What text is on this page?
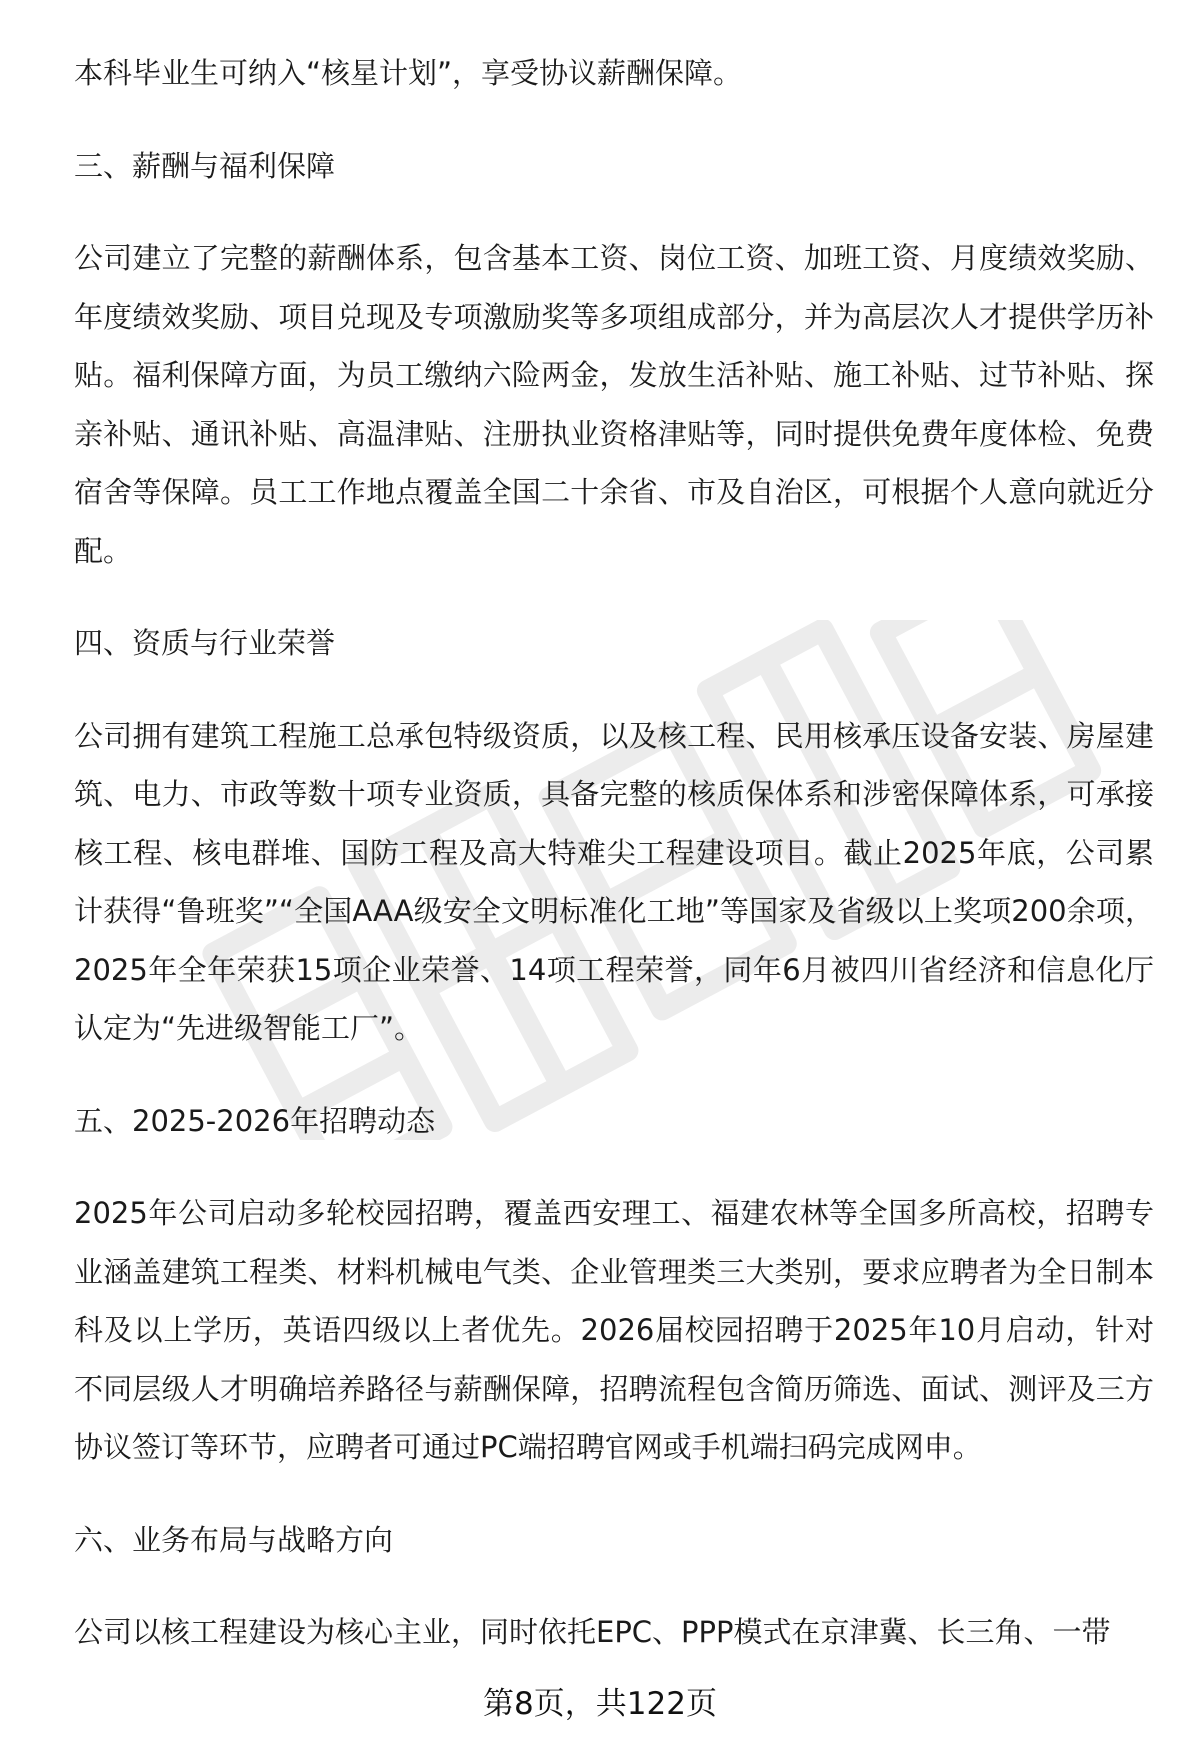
本科毕业生可纳入“核星计划”，享受协议薪酬保障。

三、薪酬与福利保障

公司建立了完整的薪酬体系，包含基本工资、岗位工资、加班工资、月度绩效奖励、年度绩效奖励、项目兑现及专项激励奖等多项组成部分，并为高层次人才提供学历补贴。福利保障方面，为员工缴纳六险两金，发放生活补贴、施工补贴、过节补贴、探亲补贴、通讯补贴、高温津贴、注册执业资格津贴等，同时提供免费年度体检、免费宿舍等保障。员工工作地点覆盖全国二十余省、市及自治区，可根据个人意向就近分配。

四、资质与行业荣誉

公司拥有建筑工程施工总承包特级资质，以及核工程、民用核承压设备安装、房屋建筑、电力、市政等数十项专业资质，具备完整的核质保体系和涉密保障体系，可承接核工程、核电群堆、国防工程及高大特难尖工程建设项目。截止2025年底，公司累计获得“鲁班奖”“全国AAA级安全文明标准化工地”等国家及省级以上奖项200余项，2025年全年荣获15项企业荣誉、14项工程荣誉，同年6月被四川省经济和信息化厅认定为“先进级智能工厂”。

五、2025-2026年招聘动态

2025年公司启动多轮校园招聘，覆盖西安理工、福建农林等全国多所高校，招聘专业涵盖建筑工程类、材料机械电气类、企业管理类三大类别，要求应聘者为全日制本科及以上学历，英语四级以上者优先。2026届校园招聘于2025年10月启动，针对不同层级人才明确培养路径与薪酬保障，招聘流程包含简历筛选、面试、测评及三方协议签订等环节，应聘者可通过PC端招聘官网或手机端扫码完成网申。

六、业务布局与战略方向

公司以核工程建设为核心主业，同时依托EPC、PPP模式在京津冀、长三角、一带

第8页，共122页
